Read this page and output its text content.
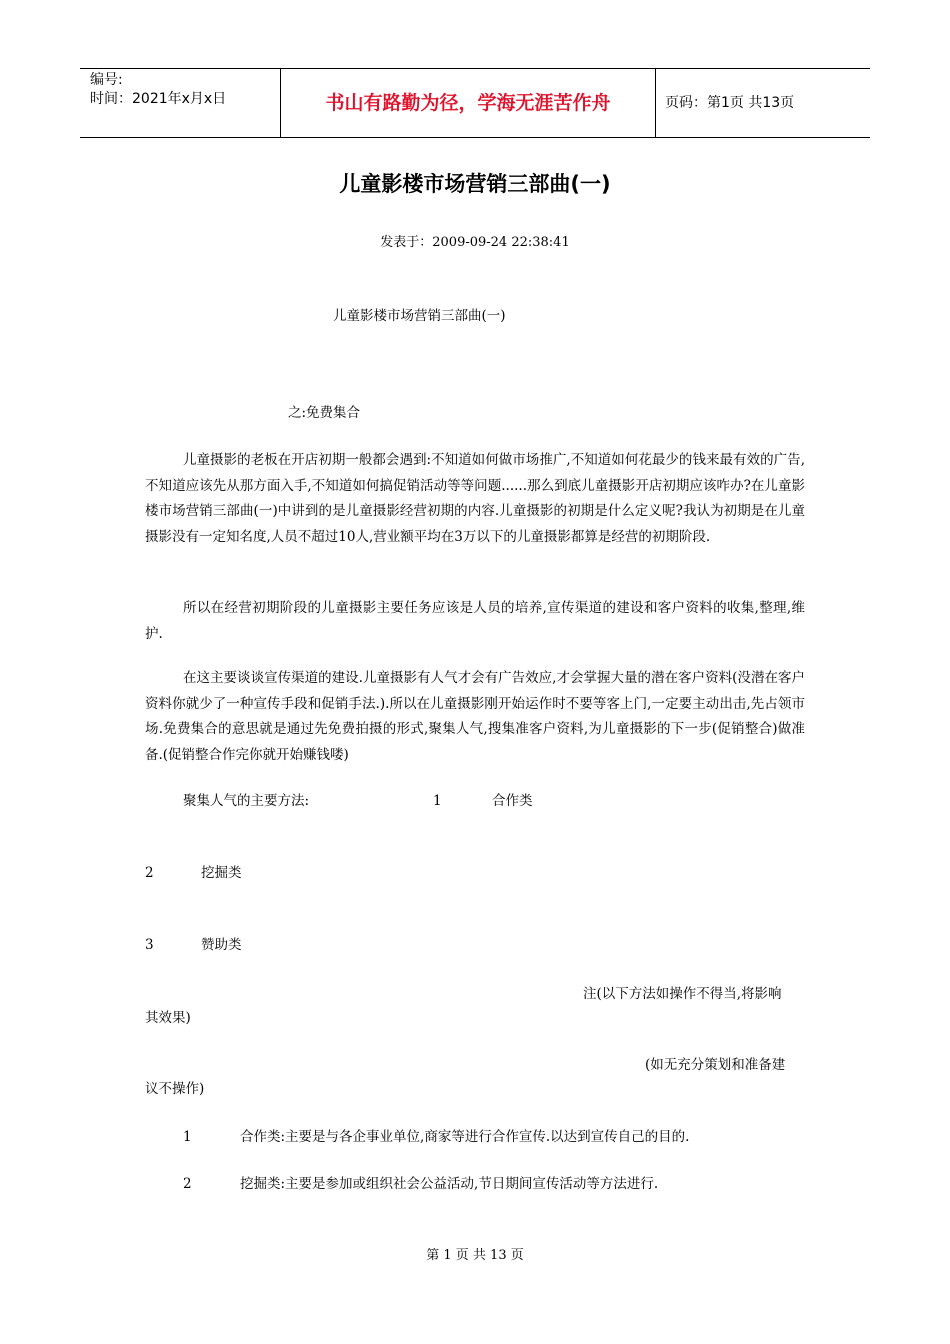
编号:
时间：2021年x月x日	书山有路勤为径，学海无涯苦作舟	页码：第1页 共13页
儿童影楼市场营销三部曲(一)
发表于：2009-09-24 22:38:41
儿童影楼市场营销三部曲(一)
之:免费集合
儿童摄影的老板在开店初期一般都会遇到:不知道如何做市场推广,不知道如何花最少的钱来最有效的广告,不知道应该先从那方面入手,不知道如何搞促销活动等等问题......那么到底儿童摄影开店初期应该咋办?在儿童影楼市场营销三部曲(一)中讲到的是儿童摄影经营初期的内容.儿童摄影的初期是什么定义呢?我认为初期是在儿童摄影没有一定知名度,人员不超过10人,营业额平均在3万以下的儿童摄影都算是经营的初期阶段.
所以在经营初期阶段的儿童摄影主要任务应该是人员的培养,宣传渠道的建设和客户资料的收集,整理,维护.
在这主要谈谈宣传渠道的建设.儿童摄影有人气才会有广告效应,才会掌握大量的潜在客户资料(没潜在客户资料你就少了一种宣传手段和促销手法.).所以在儿童摄影刚开始运作时不要等客上门,一定要主动出击,先占领市场.免费集合的意思就是通过先免费拍摄的形式,聚集人气,搜集准客户资料,为儿童摄影的下一步(促销整合)做准备.(促销整合作完你就开始赚钱喽)
聚集人气的主要方法:	1	合作类
2	挖掘类
3	赞助类
注(以下方法如操作不得当,将影响
其效果)
(如无充分策划和准备建
议不操作)
1	合作类:主要是与各企事业单位,商家等进行合作宣传.以达到宣传自己的目的.
2	挖掘类:主要是参加或组织社会公益活动,节日期间宣传活动等方法进行.
第 1 页 共 13 页
